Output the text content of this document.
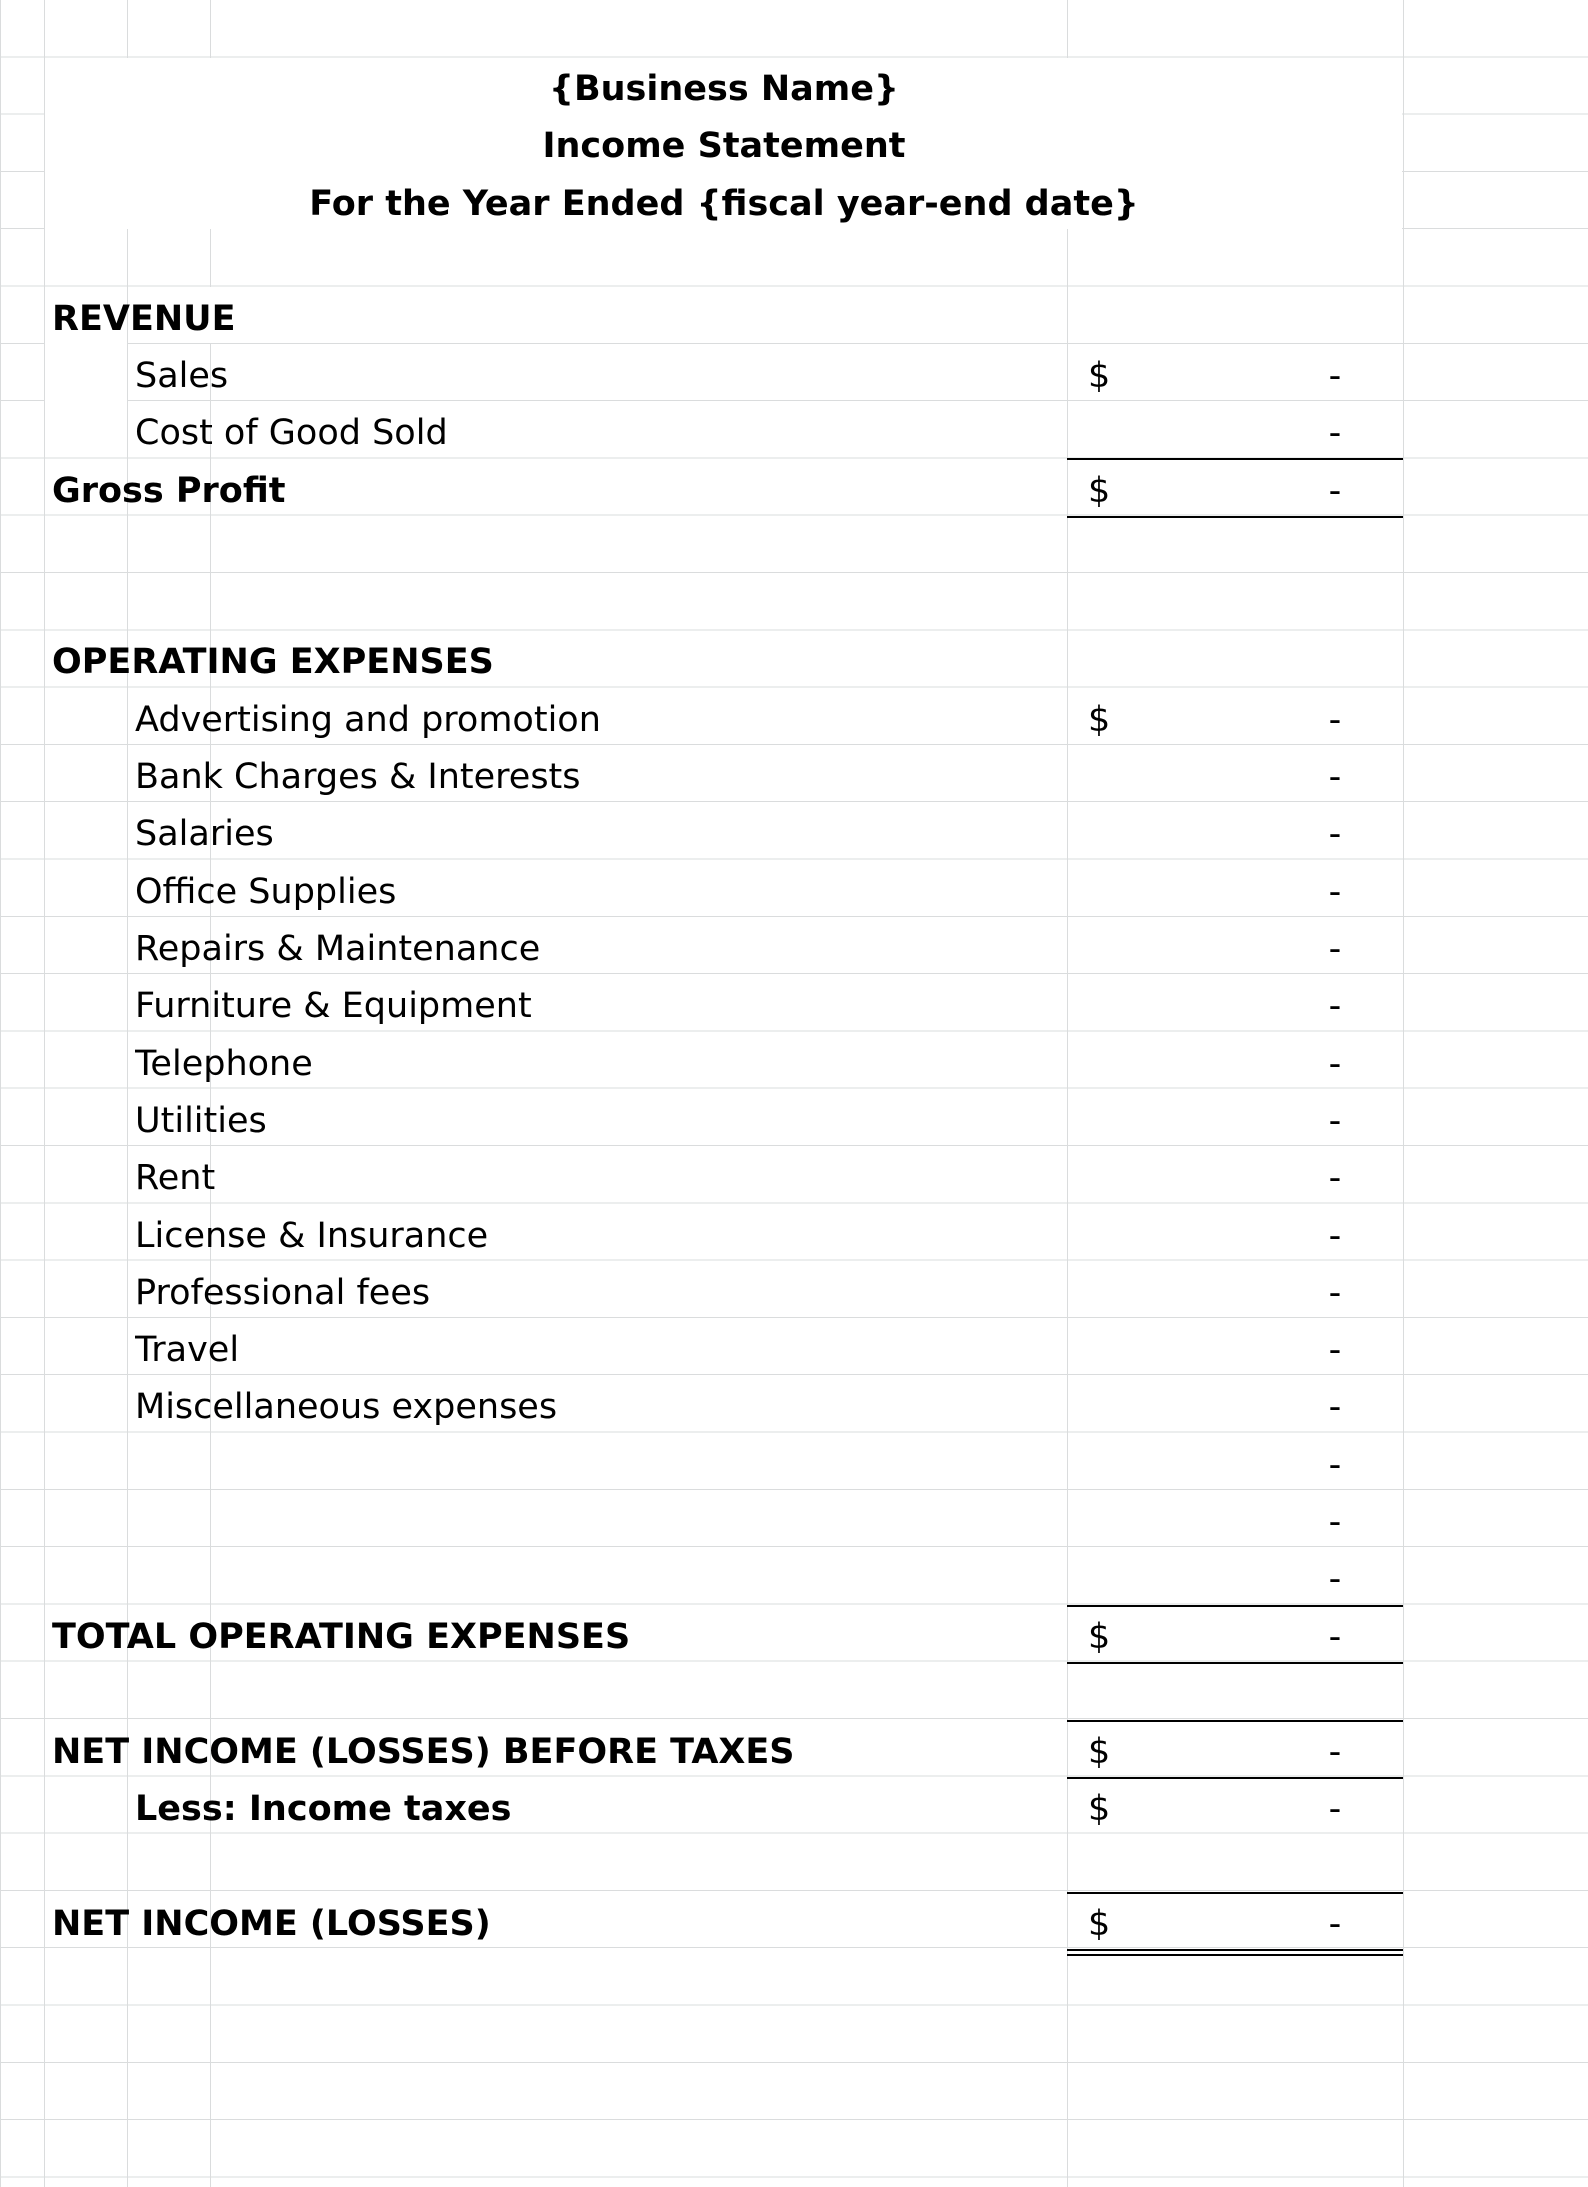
{Business Name}
Income Statement
For the Year Ended {fiscal year-end date}
REVENUE
Sales	$	-
Cost of Good Sold	-
Gross Profit	$	-
OPERATING EXPENSES
Advertising and promotion	$	-
Bank Charges & Interests	-
Salaries	-
Office Supplies	-
Repairs & Maintenance	-
Furniture & Equipment	-
Telephone	-
Utilities	-
Rent	-
License & Insurance	-
Professional fees	-
Travel	-
Miscellaneous expenses	-
-
-
-
TOTAL OPERATING EXPENSES	$	-
NET INCOME (LOSSES) BEFORE TAXES	$	-
Less: Income taxes	$	-
NET INCOME (LOSSES)	$	-
